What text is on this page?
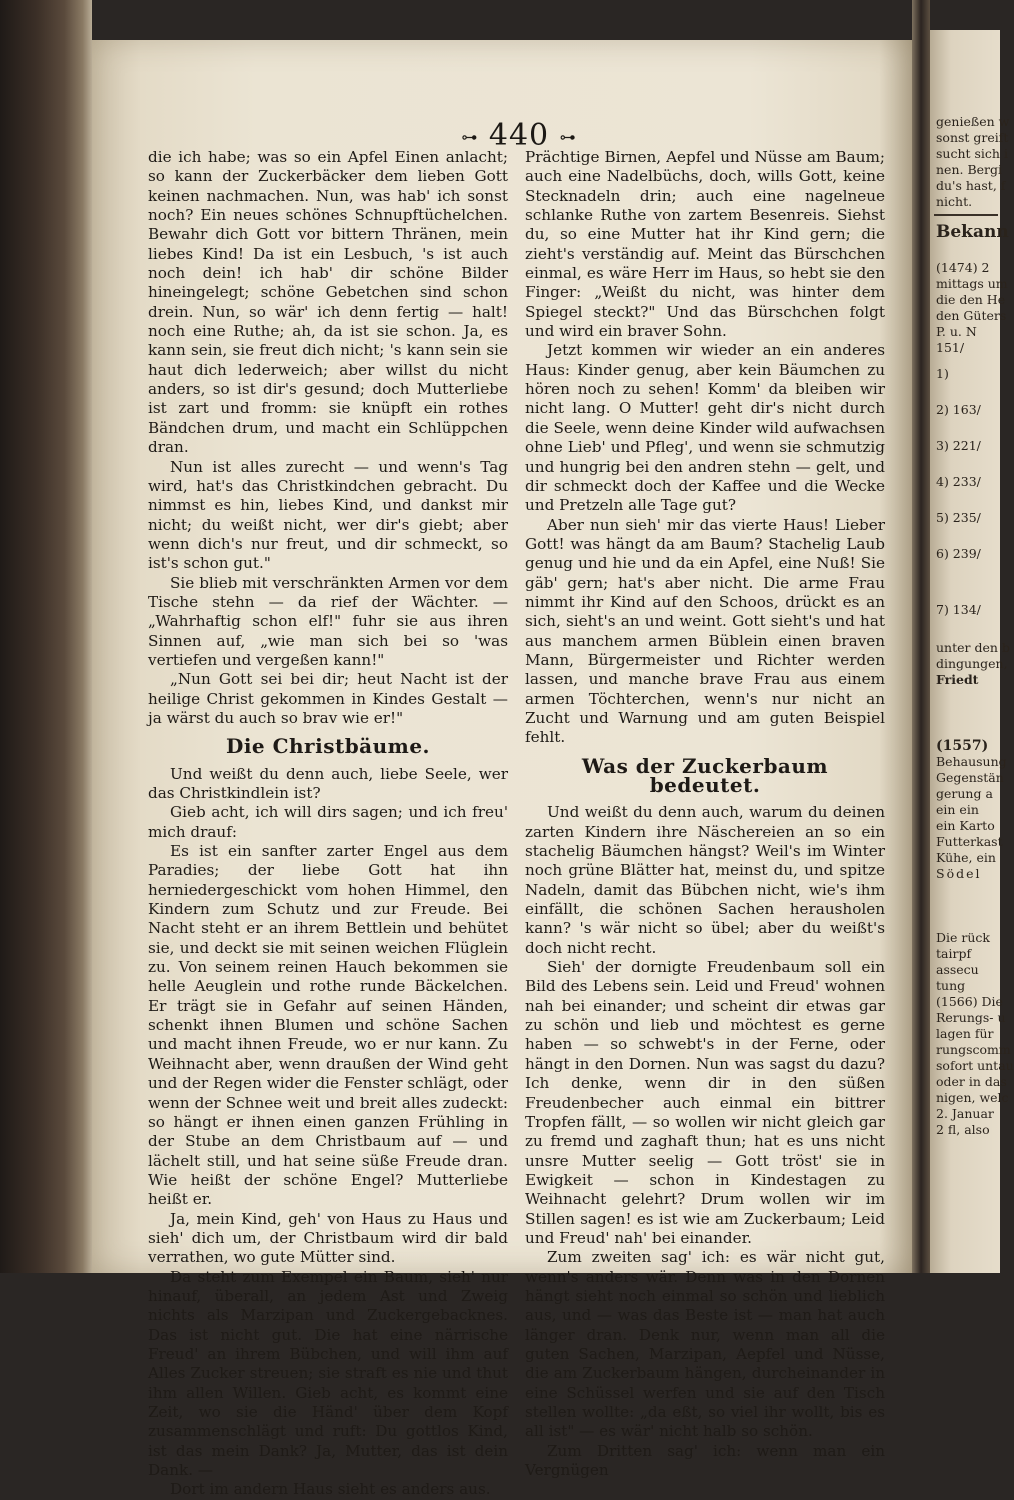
⊶ 440 ⊶

die ich habe; was so ein Apfel Einen anlacht; so kann der Zuckerbäcker dem lieben Gott keinen nachmachen. Nun, was hab' ich sonst noch? Ein neues schönes Schnupftüchelchen. Bewahr dich Gott vor bittern Thränen, mein liebes Kind! Da ist ein Lesbuch, 's ist auch noch dein! ich hab' dir schöne Bilder hineingelegt; schöne Gebetchen sind schon drein. Nun, so wär' ich denn fertig — halt! noch eine Ruthe; ah, da ist sie schon. Ja, es kann sein, sie freut dich nicht; 's kann sein sie haut dich lederweich; aber willst du nicht anders, so ist dir's gesund; doch Mutterliebe ist zart und fromm: sie knüpft ein rothes Bändchen drum, und macht ein Schlüppchen dran.

Nun ist alles zurecht — und wenn's Tag wird, hat's das Christkindchen gebracht. Du nimmst es hin, liebes Kind, und dankst mir nicht; du weißt nicht, wer dir's giebt; aber wenn dich's nur freut, und dir schmeckt, so ist's schon gut."

Sie blieb mit verschränkten Armen vor dem Tische stehn — da rief der Wächter. — „Wahrhaftig schon elf!" fuhr sie aus ihren Sinnen auf, „wie man sich bei so 'was vertiefen und vergeßen kann!"

„Nun Gott sei bei dir; heut Nacht ist der heilige Christ gekommen in Kindes Gestalt — ja wärst du auch so brav wie er!"

Die Christbäume.

Und weißt du denn auch, liebe Seele, wer das Christkindlein ist?

Gieb acht, ich will dirs sagen; und ich freu' mich drauf:

Es ist ein sanfter zarter Engel aus dem Paradies; der liebe Gott hat ihn herniedergeschickt vom hohen Himmel, den Kindern zum Schutz und zur Freude. Bei Nacht steht er an ihrem Bettlein und behütet sie, und deckt sie mit seinen weichen Flüglein zu. Von seinem reinen Hauch bekommen sie helle Aeuglein und rothe runde Bäckelchen. Er trägt sie in Gefahr auf seinen Händen, schenkt ihnen Blumen und schöne Sachen und macht ihnen Freude, wo er nur kann. Zu Weihnacht aber, wenn draußen der Wind geht und der Regen wider die Fenster schlägt, oder wenn der Schnee weit und breit alles zudeckt: so hängt er ihnen einen ganzen Frühling in der Stube an dem Christbaum auf — und lächelt still, und hat seine süße Freude dran. Wie heißt der schöne Engel? Mutterliebe heißt er.

Ja, mein Kind, geh' von Haus zu Haus und sieh' dich um, der Christbaum wird dir bald verrathen, wo gute Mütter sind.

Da steht zum Exempel ein Baum, sieh' nur hinauf, überall, an jedem Ast und Zweig nichts als Marzipan und Zuckergebacknes. Das ist nicht gut. Die hat eine närrische Freud' an ihrem Bübchen, und will ihm auf Alles Zucker streuen; sie straft es nie und thut ihm allen Willen. Gieb acht, es kommt eine Zeit, wo sie die Händ' über dem Kopf zusammenschlägt und ruft: Du gottlos Kind, ist das mein Dank? Ja, Mutter, das ist dein Dank. —

Dort im andern Haus sieht es anders aus.

Prächtige Birnen, Aepfel und Nüsse am Baum; auch eine Nadelbüchs, doch, wills Gott, keine Stecknadeln drin; auch eine nagelneue schlanke Ruthe von zartem Besenreis. Siehst du, so eine Mutter hat ihr Kind gern; die zieht's verständig auf. Meint das Bürschchen einmal, es wäre Herr im Haus, so hebt sie den Finger: „Weißt du nicht, was hinter dem Spiegel steckt?" Und das Bürschchen folgt und wird ein braver Sohn.

Jetzt kommen wir wieder an ein anderes Haus: Kinder genug, aber kein Bäumchen zu hören noch zu sehen! Komm' da bleiben wir nicht lang. O Mutter! geht dir's nicht durch die Seele, wenn deine Kinder wild aufwachsen ohne Lieb' und Pfleg', und wenn sie schmutzig und hungrig bei den andren stehn — gelt, und dir schmeckt doch der Kaffee und die Wecke und Pretzeln alle Tage gut?

Aber nun sieh' mir das vierte Haus! Lieber Gott! was hängt da am Baum? Stachelig Laub genug und hie und da ein Apfel, eine Nuß! Sie gäb' gern; hat's aber nicht. Die arme Frau nimmt ihr Kind auf den Schoos, drückt es an sich, sieht's an und weint. Gott sieht's und hat aus manchem armen Büblein einen braven Mann, Bürgermeister und Richter werden lassen, und manche brave Frau aus einem armen Töchterchen, wenn's nur nicht an Zucht und Warnung und am guten Beispiel fehlt.

Was der Zuckerbaum bedeutet.

Und weißt du denn auch, warum du deinen zarten Kindern ihre Näschereien an so ein stachelig Bäumchen hängst? Weil's im Winter noch grüne Blätter hat, meinst du, und spitze Nadeln, damit das Bübchen nicht, wie's ihm einfällt, die schönen Sachen herausholen kann? 's wär nicht so übel; aber du weißt's doch nicht recht.

Sieh' der dornigte Freudenbaum soll ein Bild des Lebens sein. Leid und Freud' wohnen nah bei einander; und scheint dir etwas gar zu schön und lieb und möchtest es gerne haben — so schwebt's in der Ferne, oder hängt in den Dornen. Nun was sagst du dazu? Ich denke, wenn dir in den süßen Freudenbecher auch einmal ein bittrer Tropfen fällt, — so wollen wir nicht gleich gar zu fremd und zaghaft thun; hat es uns nicht unsre Mutter seelig — Gott tröst' sie in Ewigkeit — schon in Kindestagen zu Weihnacht gelehrt? Drum wollen wir im Stillen sagen! es ist wie am Zuckerbaum; Leid und Freud' nah' bei einander.

Zum zweiten sag' ich: es wär nicht gut, wenn's anders wär. Denn was in den Dornen hängt sieht noch einmal so schön und lieblich aus, und — was das Beste ist — man hat auch länger dran. Denk nur, wenn man all die guten Sachen, Marzipan, Aepfel und Nüsse, die am Zuckerbaum hängen, durcheinander in eine Schüssel werfen und sie auf den Tisch stellen wollte: „da eßt, so viel ihr wollt, bis es all ist" — es wär' nicht halb so schön.

Zum Dritten sag' ich: wenn man ein Vergnügen

genießen w
sonst greift
sucht sich i
nen. Bergi
du's hast, f
nicht.
Bekann
(1474) 2
mittags um
die den He
den Güters
P. u. N
151/
1)
2) 163/
3) 221/
4) 233/
5) 235/
6) 239/
7) 134/
unter den b
dingungen,
Friedt
(1557)
Behausung
Gegenstän
gerung a
ein ein
ein Karto
Futterkast
Kühe, ein
Södel
Die rück
tairpf
assecu
tung
(1566) Die
Rerungs- u
lagen für
rungscomm
sofort untau
oder in das
nigen, welc
2. Januar
2 fl, also
